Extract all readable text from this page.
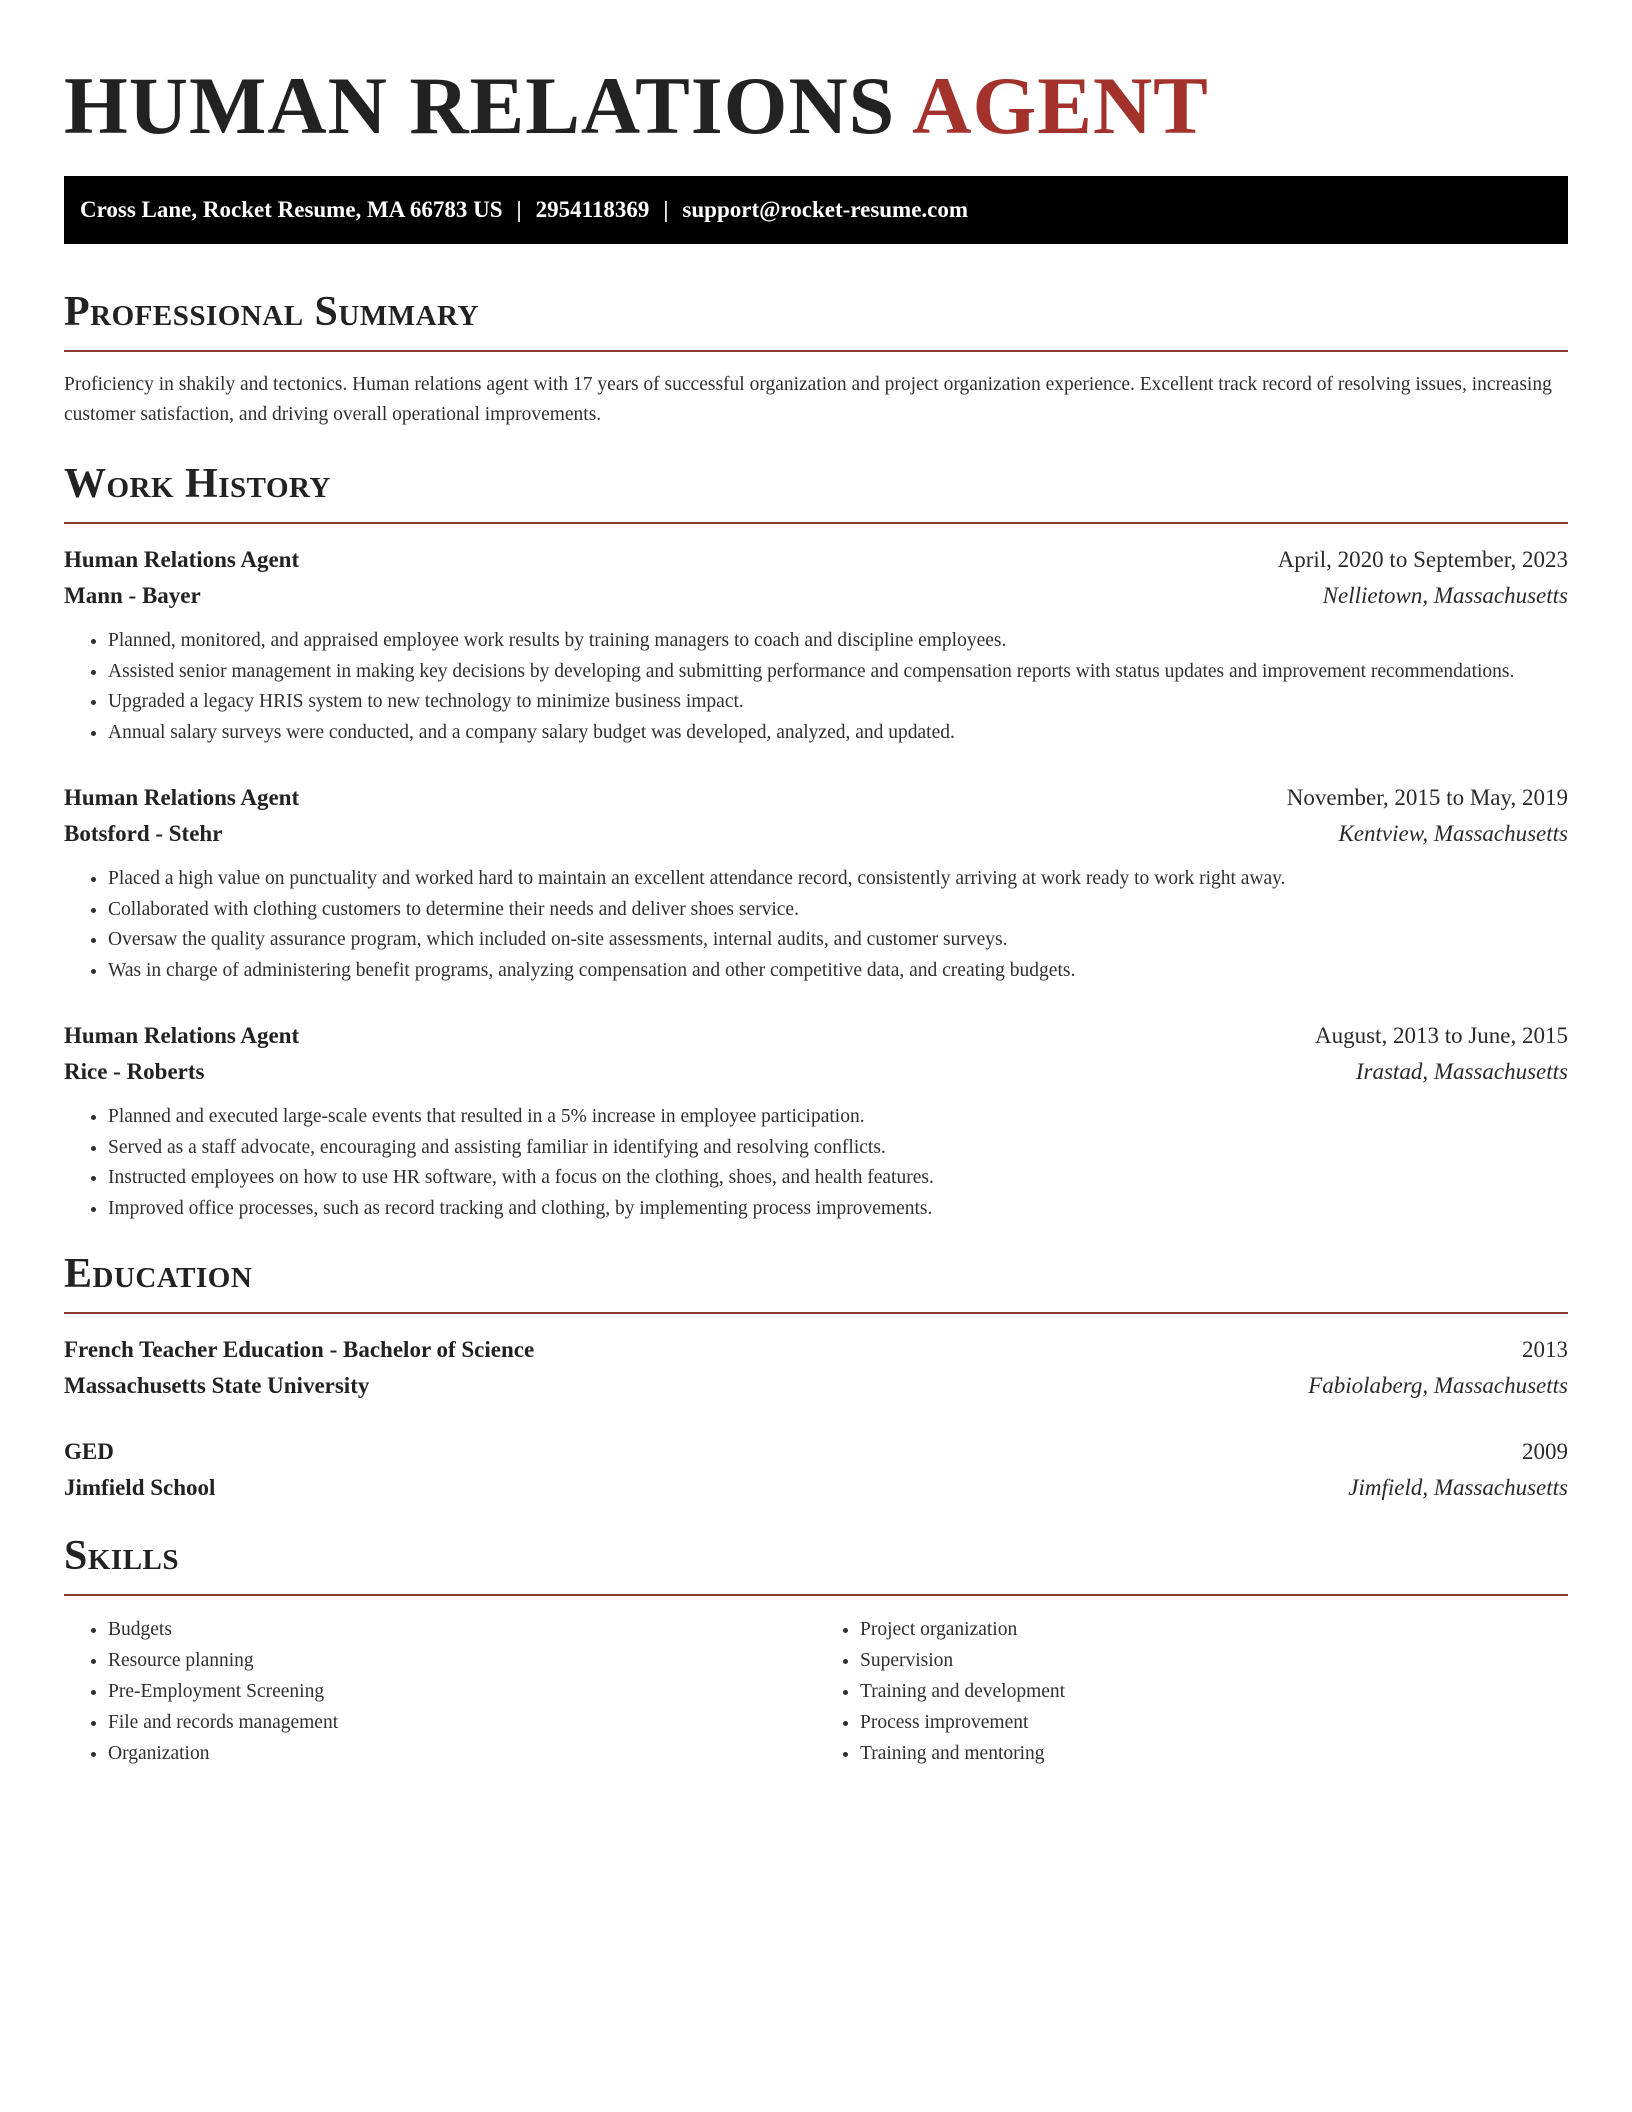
HUMAN RELATIONS AGENT
Cross Lane, Rocket Resume, MA 66783 US | 2954118369 | support@rocket-resume.com
Professional Summary

Proficiency in shakily and tectonics. Human relations agent with 17 years of successful organization and project organization experience. Excellent track record of resolving issues, increasing customer satisfaction, and driving overall operational improvements.

Work History
Human Relations Agent	April, 2020 to September, 2023
Mann - Bayer	Nellietown, Massachusetts
• Planned, monitored, and appraised employee work results by training managers to coach and discipline employees.
• Assisted senior management in making key decisions by developing and submitting performance and compensation reports with status updates and improvement recommendations.
• Upgraded a legacy HRIS system to new technology to minimize business impact.
• Annual salary surveys were conducted, and a company salary budget was developed, analyzed, and updated.
Human Relations Agent	November, 2015 to May, 2019
Botsford - Stehr	Kentview, Massachusetts
• Placed a high value on punctuality and worked hard to maintain an excellent attendance record, consistently arriving at work ready to work right away.
• Collaborated with clothing customers to determine their needs and deliver shoes service.
• Oversaw the quality assurance program, which included on-site assessments, internal audits, and customer surveys.
• Was in charge of administering benefit programs, analyzing compensation and other competitive data, and creating budgets.
Human Relations Agent	August, 2013 to June, 2015
Rice - Roberts	Irastad, Massachusetts
• Planned and executed large-scale events that resulted in a 5% increase in employee participation.
• Served as a staff advocate, encouraging and assisting familiar in identifying and resolving conflicts.
• Instructed employees on how to use HR software, with a focus on the clothing, shoes, and health features.
• Improved office processes, such as record tracking and clothing, by implementing process improvements.
Education
French Teacher Education - Bachelor of Science	2013
Massachusetts State University	Fabiolaberg, Massachusetts
GED	2009
Jimfield School	Jimfield, Massachusetts
Skills
• Budgets
• Resource planning
• Pre-Employment Screening
• File and records management
• Organization
• Project organization
• Supervision
• Training and development
• Process improvement
• Training and mentoring
